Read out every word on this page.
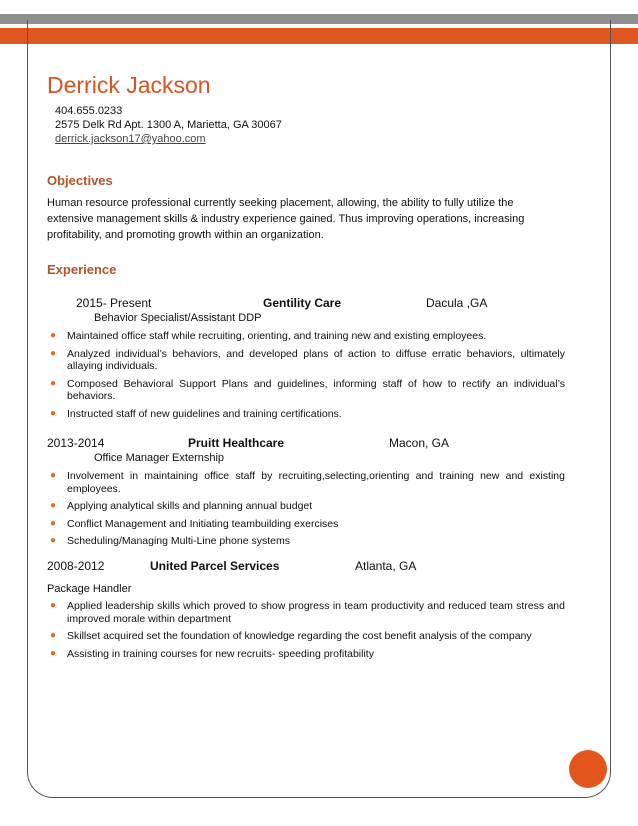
Derrick Jackson
404.655.0233
2575 Delk Rd Apt. 1300 A, Marietta, GA 30067
derrick.jackson17@yahoo.com
Objectives
Human resource professional currently seeking placement, allowing, the ability to fully utilize the extensive management skills & industry experience gained. Thus improving operations, increasing profitability, and promoting growth within an organization.
Experience
2015- Present	Gentility Care	Dacula ,GA
Behavior Specialist/Assistant DDP
● Maintained office staff while recruiting, orienting, and training new and existing employees.
● Analyzed individual’s behaviors, and developed plans of action to diffuse erratic behaviors, ultimately allaying individuals.
● Composed Behavioral Support Plans and guidelines, informing staff of how to rectify an individual’s behaviors.
● Instructed staff of new guidelines and training certifications.
2013-2014	Pruitt Healthcare	Macon, GA
Office Manager Externship
● Involvement in maintaining office staff by recruiting,selecting,orienting and training new and existing employees.
● Applying analytical skills and planning annual budget
● Conflict Management and Initiating teambuilding exercises
● Scheduling/Managing Multi-Line phone systems
2008-2012	United Parcel Services	Atlanta, GA
Package Handler
● Applied leadership skills which proved to show progress in team productivity and reduced team stress and improved morale within department
● Skillset acquired set the foundation of knowledge regarding the cost benefit analysis of the company
● Assisting in training courses for new recruits- speeding profitability
